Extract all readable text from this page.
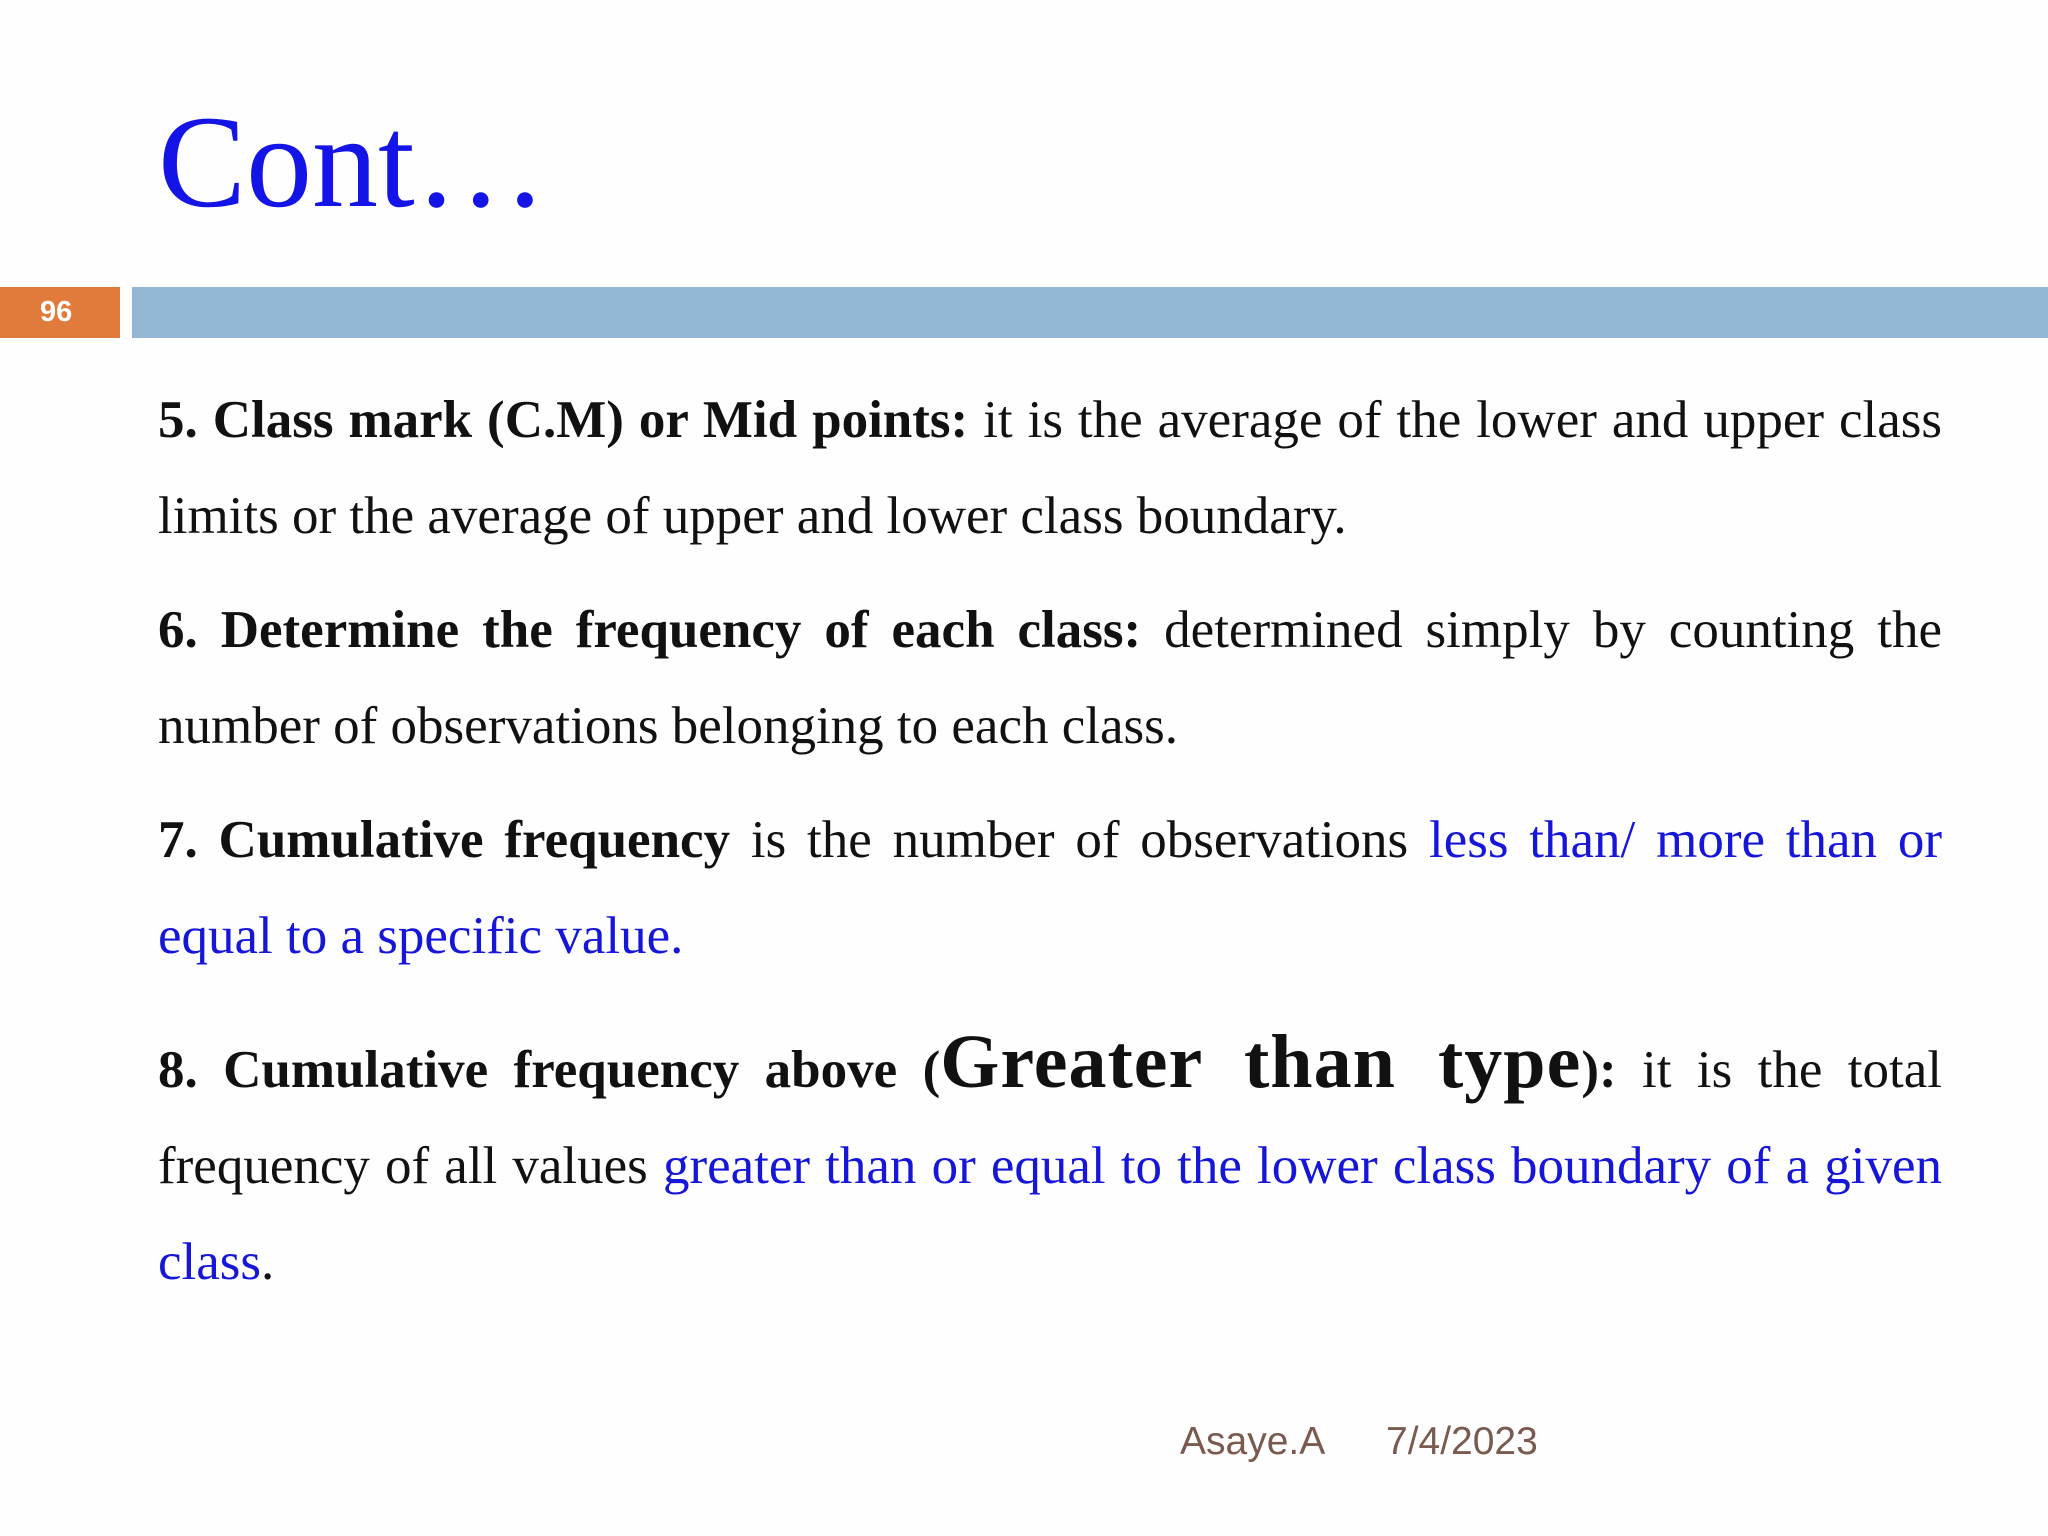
Cont…
96

5. Class mark (C.M) or Mid points: it is the average of the lower and upper class limits or the average of upper and lower class boundary.

6. Determine the frequency of each class: determined simply by counting the number of observations belonging to each class.

7. Cumulative frequency is the number of observations less than/ more than or equal to a specific value.

8. Cumulative frequency above (Greater than type): it is the total frequency of all values greater than or equal to the lower class boundary of a given class.

Asaye.A 7/4/2023
